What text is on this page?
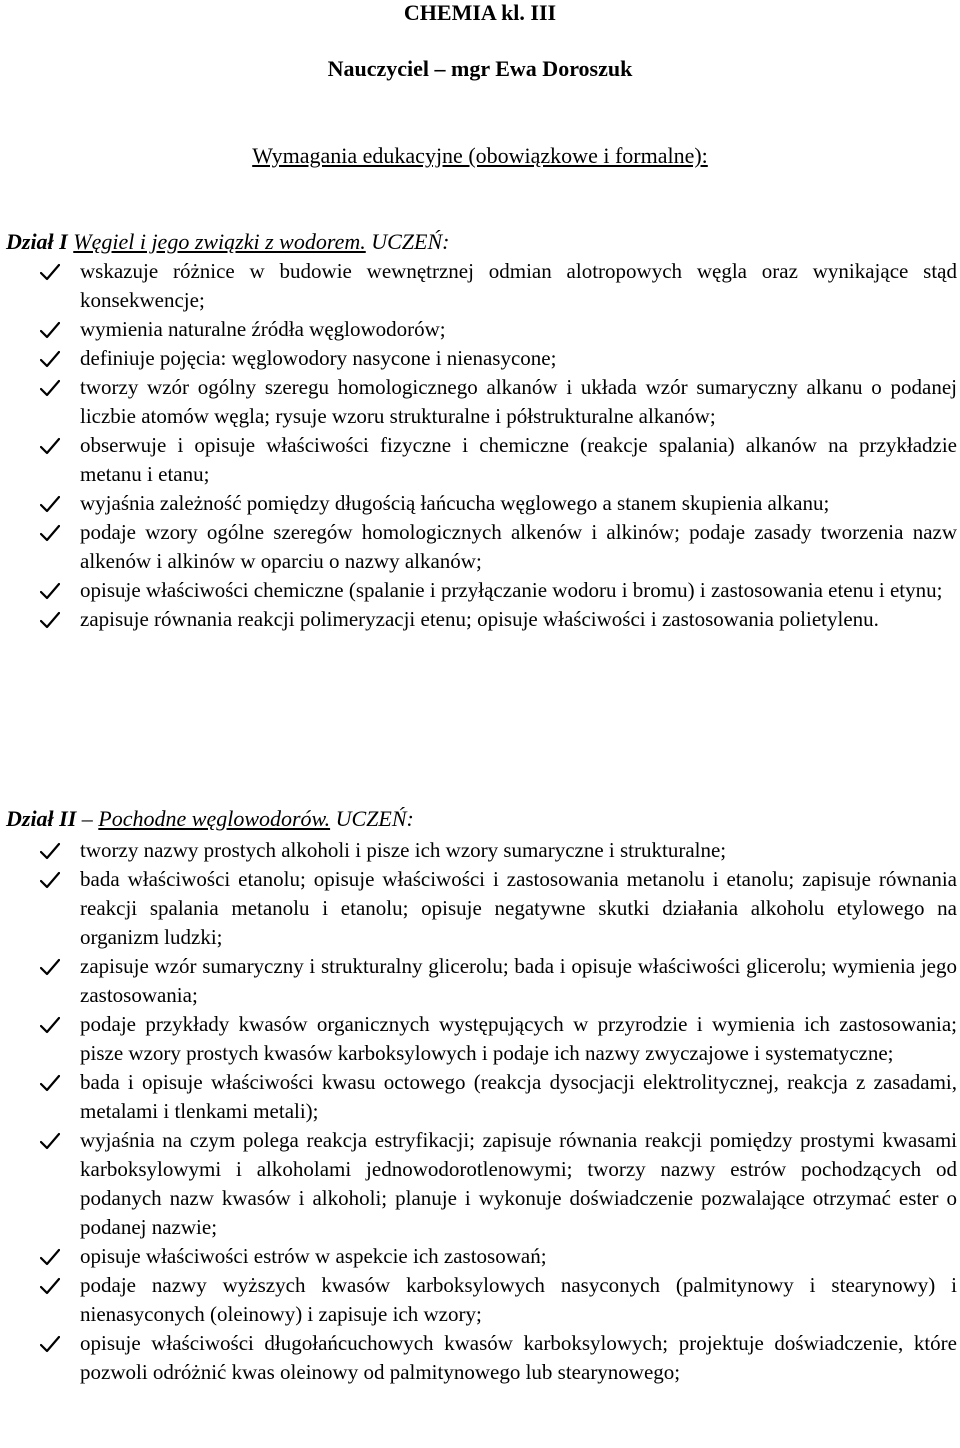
CHEMIA kl. III
Nauczyciel – mgr Ewa Doroszuk
Wymagania edukacyjne (obowiązkowe i formalne):
Dział I Węgiel i jego związki z wodorem. UCZEŃ:
wskazuje różnice w budowie wewnętrznej odmian alotropowych węgla oraz wynikające stąd konsekwencje;
wymienia naturalne źródła węglowodorów;
definiuje pojęcia: węglowodory nasycone i nienasycone;
tworzy wzór ogólny szeregu homologicznego alkanów i układa wzór sumaryczny alkanu o podanej liczbie atomów węgla; rysuje wzoru strukturalne i półstrukturalne alkanów;
obserwuje i opisuje właściwości fizyczne i chemiczne (reakcje spalania) alkanów na przykładzie metanu i etanu;
wyjaśnia zależność pomiędzy długością łańcucha węglowego a stanem skupienia alkanu;
podaje wzory ogólne szeregów homologicznych alkenów i alkinów; podaje zasady tworzenia nazw alkenów i alkinów w oparciu o nazwy alkanów;
opisuje właściwości chemiczne (spalanie i przyłączanie wodoru i bromu) i zastosowania etenu i etynu;
zapisuje równania reakcji polimeryzacji etenu; opisuje właściwości i zastosowania polietylenu.
Dział II – Pochodne węglowodorów. UCZEŃ:
tworzy nazwy prostych alkoholi i pisze ich wzory sumaryczne i strukturalne;
bada właściwości etanolu; opisuje właściwości i zastosowania metanolu i etanolu; zapisuje równania reakcji spalania metanolu i etanolu; opisuje negatywne skutki działania alkoholu etylowego na organizm ludzki;
zapisuje wzór sumaryczny i strukturalny glicerolu; bada i opisuje właściwości glicerolu; wymienia jego zastosowania;
podaje przykłady kwasów organicznych występujących w przyrodzie i wymienia ich zastosowania; pisze wzory prostych kwasów karboksylowych i podaje ich nazwy zwyczajowe i systematyczne;
bada i opisuje właściwości kwasu octowego (reakcja dysocjacji elektrolitycznej, reakcja z zasadami, metalami i tlenkami metali);
wyjaśnia na czym polega reakcja estryfikacji; zapisuje równania reakcji pomiędzy prostymi kwasami karboksylowymi i alkoholami jednowodorotlenowymi; tworzy nazwy estrów pochodzących od podanych nazw kwasów i alkoholi; planuje i wykonuje doświadczenie pozwalające otrzymać ester o podanej nazwie;
opisuje właściwości estrów w aspekcie ich zastosowań;
podaje nazwy wyższych kwasów karboksylowych nasyconych (palmitynowy i stearynowy) i nienasyconych (oleinowy) i zapisuje ich wzory;
opisuje właściwości długołańcuchowych kwasów karboksylowych; projektuje doświadczenie, które pozwoli odróżnić kwas oleinowy od palmitynowego lub stearynowego;
